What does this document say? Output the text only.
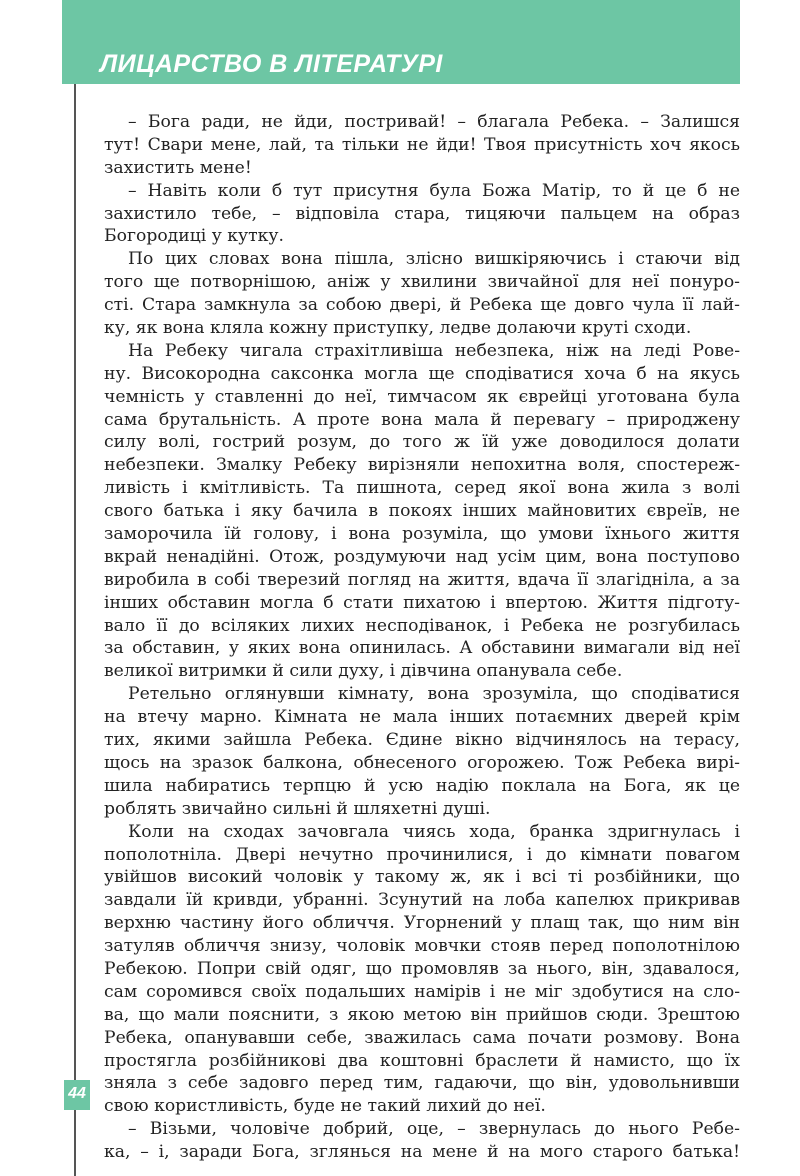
ЛИЦАРСТВО В ЛІТЕРАТУРІ
– Бога ради, не йди, постривай! – благала Ребека. – Залишся
тут! Свари мене, лай, та тільки не йди! Твоя присутність хоч якось
захистить мене!
– Навіть коли б тут присутня була Божа Матір, то й це б не
захистило тебе, – відповіла стара, тицяючи пальцем на образ
Богородиці у кутку.
По цих словах вона пішла, злісно вишкіряючись і стаючи від
того ще потворнішою, аніж у хвилини звичайної для неї понуро-
сті. Стара замкнула за собою двері, й Ребека ще довго чула її лай-
ку, як вона кляла кожну приступку, ледве долаючи круті сходи.
На Ребеку чигала страхітливіша небезпека, ніж на леді Рове-
ну. Високородна саксонка могла ще сподіватися хоча б на якусь
чемність у ставленні до неї, тимчасом як єврейці уготована була
сама брутальність. А проте вона мала й перевагу – природжену
силу волі, гострий розум, до того ж їй уже доводилося долати
небезпеки. Змалку Ребеку вирізняли непохитна воля, спостереж-
ливість і кмітливість. Та пишнота, серед якої вона жила з волі
свого батька і яку бачила в покоях інших майновитих євреїв, не
заморочила їй голову, і вона розуміла, що умови їхнього життя
вкрай ненадійні. Отож, роздумуючи над усім цим, вона поступово
виробила в собі тверезий погляд на життя, вдача її злагідніла, а за
інших обставин могла б стати пихатою і впертою. Життя підготу-
вало її до всіляких лихих несподіванок, і Ребека не розгубилась
за обставин, у яких вона опинилась. А обставини вимагали від неї
великої витримки й сили духу, і дівчина опанувала себе.
Ретельно оглянувши кімнату, вона зрозуміла, що сподіватися
на втечу марно. Кімната не мала інших потаємних дверей крім
тих, якими зайшла Ребека. Єдине вікно відчинялось на терасу,
щось на зразок балкона, обнесеного огорожею. Тож Ребека вирі-
шила набиратись терпцю й усю надію поклала на Бога, як це
роблять звичайно сильні й шляхетні душі.
Коли на сходах зачовгала чиясь хода, бранка здригнулась і
пополотніла. Двері нечутно прочинилися, і до кімнати повагом
увійшов високий чоловік у такому ж, як і всі ті розбійники, що
завдали їй кривди, убранні. Зсунутий на лоба капелюх прикривав
верхню частину його обличчя. Угорнений у плащ так, що ним він
затуляв обличчя знизу, чоловік мовчки стояв перед пополотнілою
Ребекою. Попри свій одяг, що промовляв за нього, він, здавалося,
сам соромився своїх подальших намірів і не міг здобутися на сло-
ва, що мали пояснити, з якою метою він прийшов сюди. Зрештою
Ребека, опанувавши себе, зважилась сама почати розмову. Вона
простягла розбійникові два коштовні браслети й намисто, що їх
зняла з себе задовго перед тим, гадаючи, що він, удовольнивши
свою користливість, буде не такий лихий до неї.
– Візьми, чоловіче добрий, оце, – звернулась до нього Ребе-
ка, – і, заради Бога, зглянься на мене й на мого старого батька!
44
